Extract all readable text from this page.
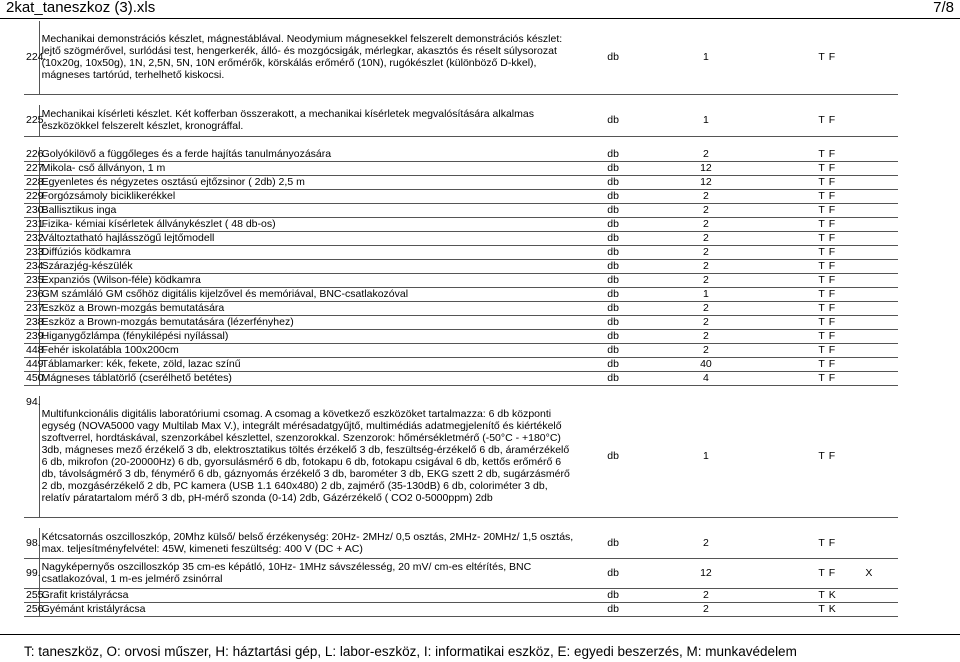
2kat_taneszkoz (3).xls	7/8
224.	Mechanikai demonstrációs készlet, mágnestáblával. Neodymium mágnesekkel felszerelt demonstrációs készlet: lejtő szögmérővel, surlódási test, hengerkerék, álló- és mozgócsigák, mérlegkar, akasztós és réselt súlysorozat (10x20g, 10x50g), 1N, 2,5N, 5N, 10N erőmérők, körskálás erőmérő (10N), rugókészlet (különböző D-kkel), mágneses tartórúd, terhelhető kiskocsi.	db	1	T	F	

225.	Mechanikai kísérleti készlet. Két kofferban összerakott, a mechanikai kísérletek megvalósítására alkalmas eszközökkel felszerelt készlet, kronográffal.	db	1	T	F	

226.	Golyókilövő a függőleges és a ferde hajítás tanulmányozására	db	2	T	F	
227.	Mikola- cső állványon, 1 m	db	12	T	F	
228.	Egyenletes és négyzetes osztású ejtőzsinor ( 2db) 2,5 m	db	12	T	F	
229.	Forgózsámoly biciklikerékkel	db	2	T	F	
230.	Ballisztikus inga	db	2	T	F	
231.	Fizika- kémiai kísérletek állványkészlet ( 48 db-os)	db	2	T	F	
232.	Változtatható hajlásszögű lejtőmodell	db	2	T	F	
233.	Diffúziós ködkamra	db	2	T	F	
234.	Szárazjég-készülék	db	2	T	F	
235.	Expanziós (Wilson-féle) ködkamra	db	2	T	F	
236.	GM számláló GM csőhöz digitális kijelzővel és memóriával, BNC-csatlakozóval	db	1	T	F	
237.	Eszköz a Brown-mozgás bemutatására	db	2	T	F	
238.	Eszköz a Brown-mozgás bemutatására (lézerfényhez)	db	2	T	F	
239.	Higanygőzlámpa (fénykilépési nyílással)	db	2	T	F	
448.	Fehér iskolatábla 100x200cm	db	2	T	F	
449.	Táblamarker: kék, fekete, zöld, lazac színű	db	40	T	F	
450.	Mágneses táblatörlő (cserélhető betétes)	db	4	T	F	

94.	Multifunkcionális digitális laboratóriumi csomag. A csomag a következő eszközöket tartalmazza: 6 db központi egység (NOVA5000 vagy Multilab Max V.), integrált mérésadatgyűjtő, multimédiás adatmegjelenítő és kiértékelő szoftverrel, hordtáskával, szenzorkábel készlettel, szenzorokkal. Szenzorok: hőmérsékletmérő (-50°C - +180°C) 3db, mágneses mező érzékelő 3 db, elektrosztatikus töltés érzékelő 3 db, feszültség-érzékelő 6 db, áramérzékelő 6 db, mikrofon (20-20000Hz) 6 db, gyorsulásmérő 6 db, fotokapu 6 db, fotokapu csigával 6 db, kettős erőmérő 6 db, távolságmérő 3 db, fénymérő 6 db, gáznyomás érzékelő 3 db, barométer 3 db, EKG szett 2 db, sugárzásmérő 2 db, mozgásérzékelő 2 db, PC kamera (USB 1.1 640x480) 2 db, zajmérő (35-130dB) 6 db, coloriméter 3 db, relatív páratartalom mérő 3 db, pH-mérő szonda (0-14) 2db, Gázérzékelő ( CO2 0-5000ppm) 2db	db	1	T	F	

98.	Kétcsatornás oszcilloszkóp, 20Mhz külső/ belső érzékenység: 20Hz- 2MHz/ 0,5 osztás, 2MHz- 20MHz/ 1,5 osztás, max. teljesítményfelvétel: 45W, kimeneti feszültség: 400 V (DC + AC)	db	2	T	F	
99.	Nagyképernyős oszcilloszkóp 35 cm-es képátló, 10Hz- 1MHz sávszélesség, 20 mV/ cm-es eltérítés, BNC csatlakozóval, 1 m-es jelmérő zsinórral	db	12	T	F	X
255.	Grafit kristályrácsa	db	2	T	K	
256.	Gyémánt kristályrácsa	db	2	T	K	
T: taneszköz, O: orvosi műszer, H: háztartási gép, L: labor-eszköz, I: informatikai eszköz, E: egyedi beszerzés, M: munkavédelem
